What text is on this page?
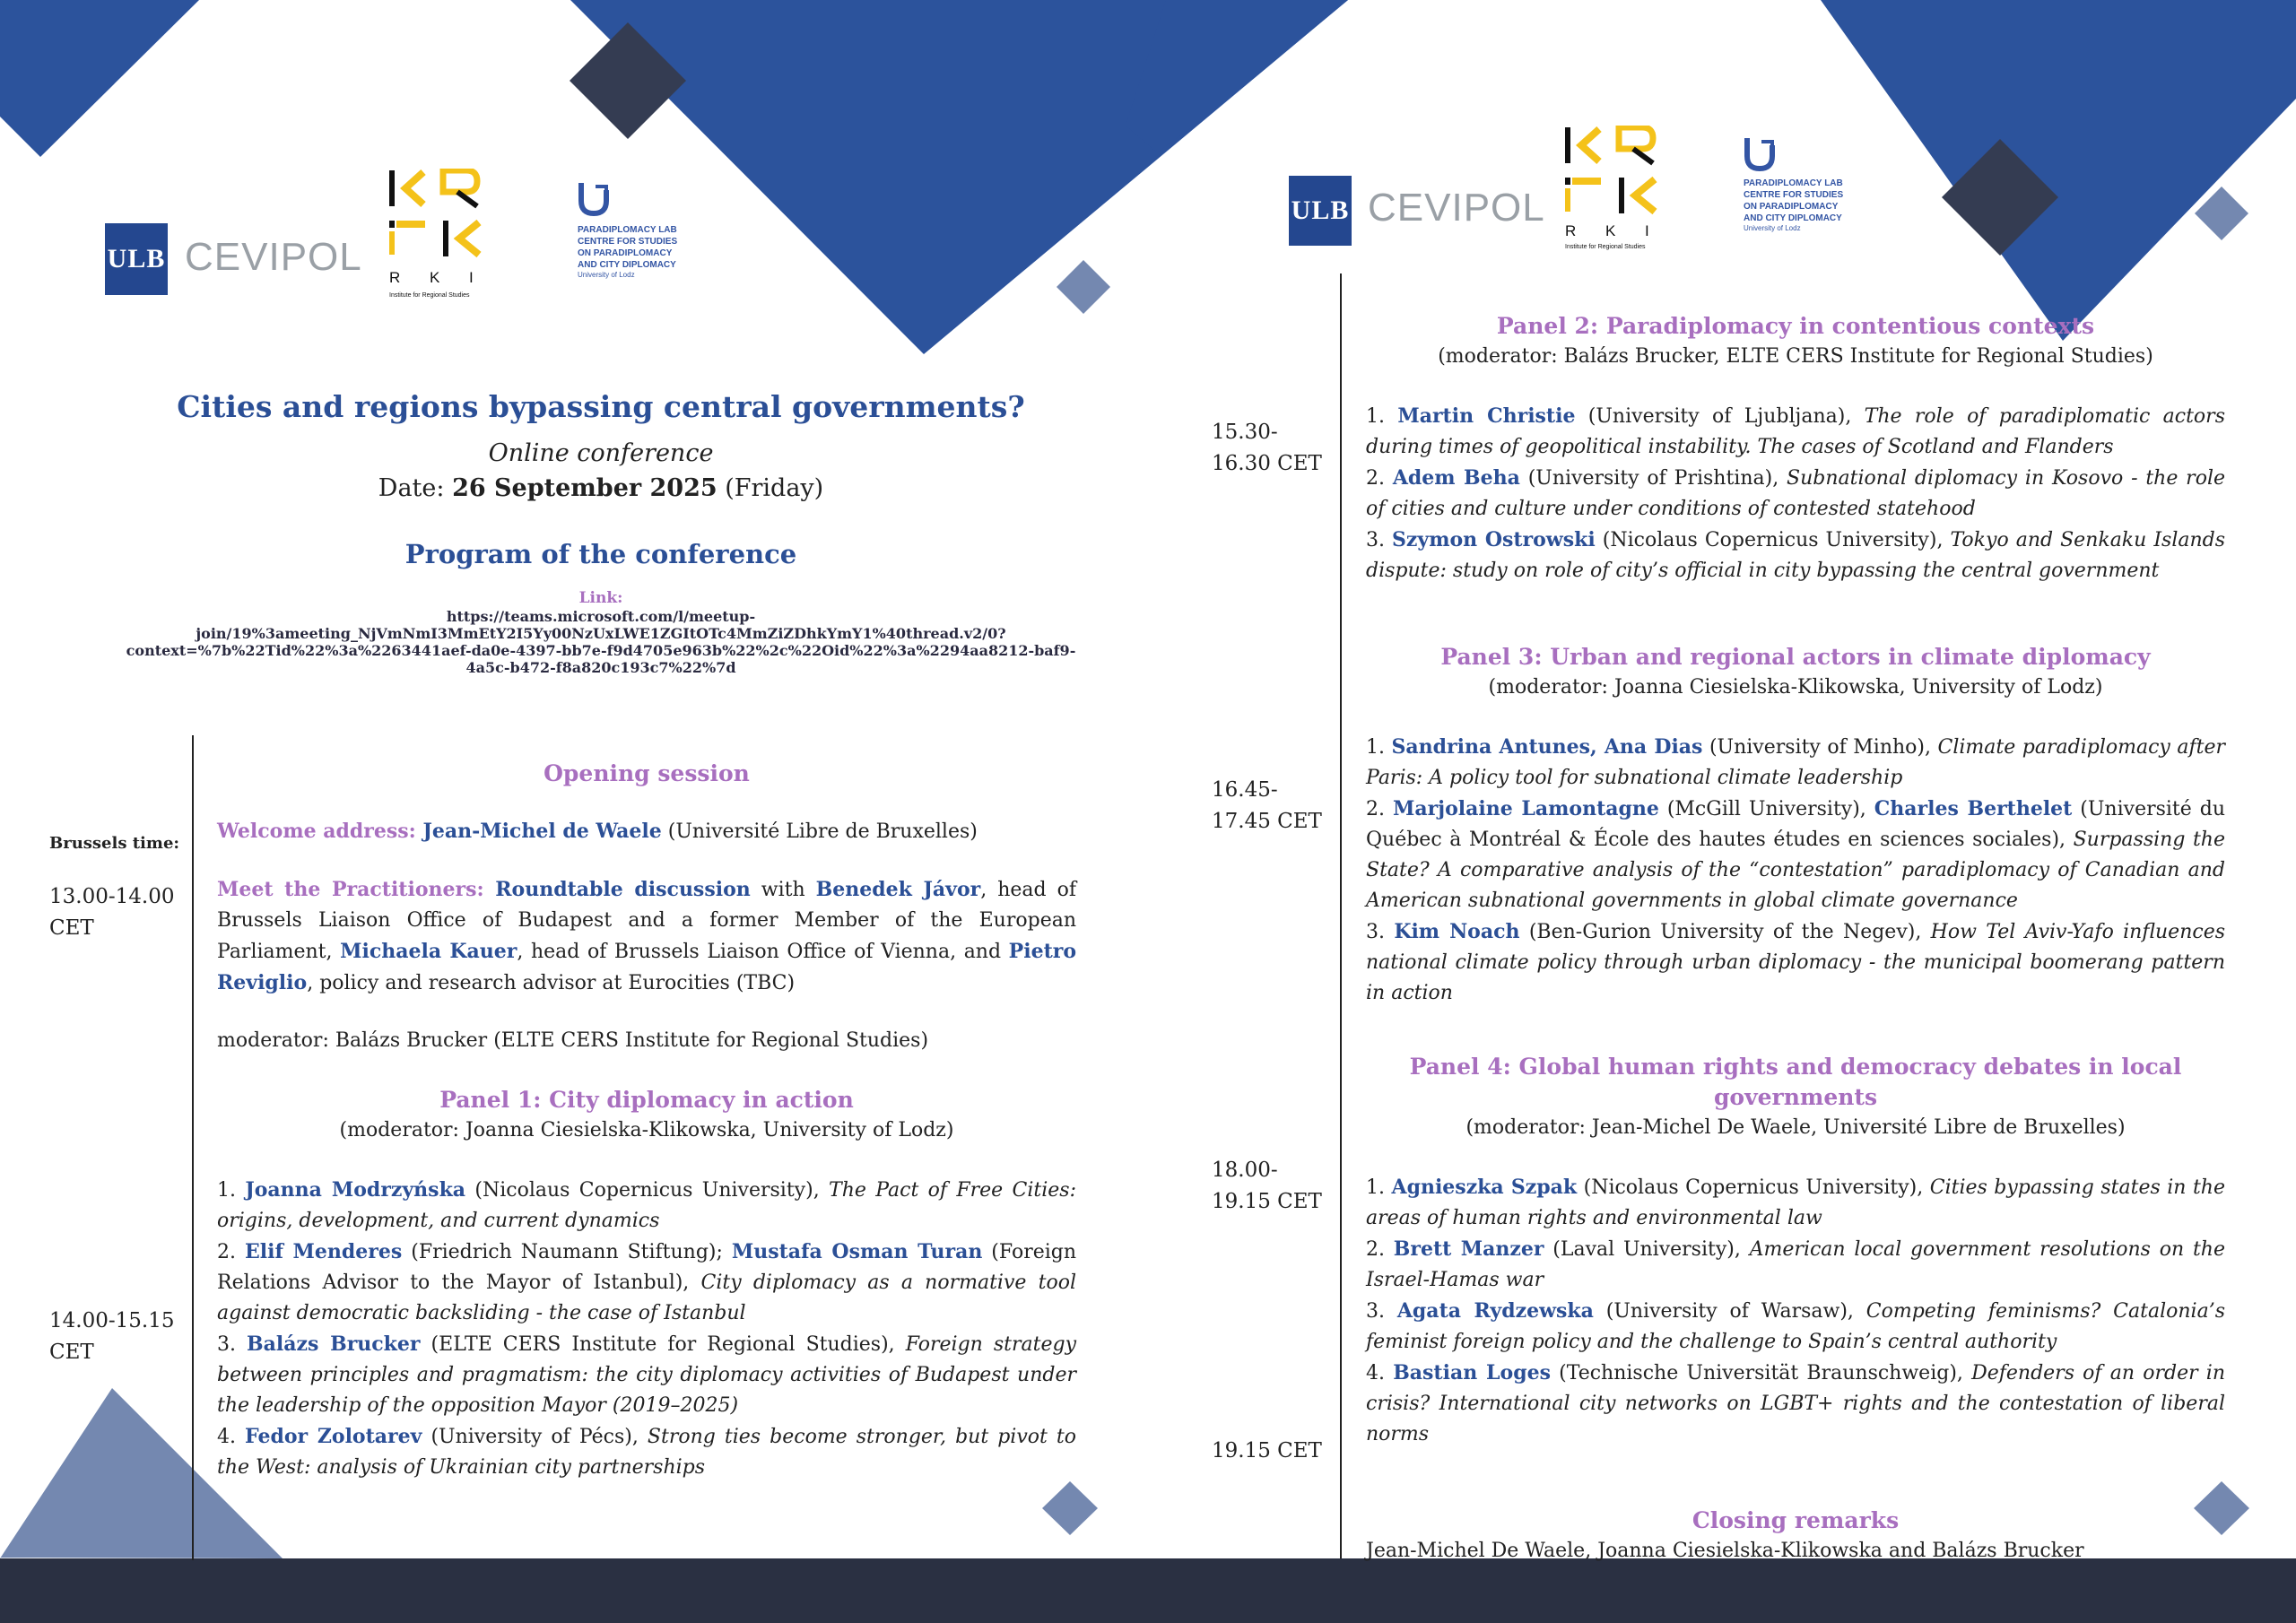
ULB CEVIPOL R K I
Institute for Regional Studies
PARADIPLOMACY LAB
CENTRE FOR STUDIES
ON PARADIPLOMACY
AND CITY DIPLOMACY
University of Lodz
ULB CEVIPOL
R K I
Institute for Regional Studies
PARADIPLOMACY LAB
CENTRE FOR STUDIES
ON PARADIPLOMACY
AND CITY DIPLOMACY
University of Lodz
Cities and regions bypassing central governments?
Online conference
Date: 26 September 2025 (Friday)
Program of the conference
Link:
https://teams.microsoft.com/l/meetup-
join/19%3ameeting_NjVmNmI3MmEtY2I5Yy00NzUxLWE1ZGItOTc4MmZiZDhkYmY1%40thread.v2/0?
context=%7b%22Tid%22%3a%2263441aef-da0e-4397-bb7e-f9d4705e963b%22%2c%22Oid%22%3a%2294aa8212-baf9-
4a5c-b472-f8a820c193c7%22%7d
Brussels time:
13.00-14.00
CET
14.00-15.15
CET
Opening session
Welcome address: Jean-Michel de Waele (Université Libre de Bruxelles)
Meet the Practitioners: Roundtable discussion with Benedek Jávor, head of Brussels Liaison Office of Budapest and a former Member of the European Parliament, Michaela Kauer, head of Brussels Liaison Office of Vienna, and Pietro Reviglio, policy and research advisor at Eurocities (TBC)
moderator: Balázs Brucker (ELTE CERS Institute for Regional Studies)
Panel 1: City diplomacy in action
(moderator: Joanna Ciesielska-Klikowska, University of Lodz)
1. Joanna Modrzyńska (Nicolaus Copernicus University), The Pact of Free Cities: origins, development, and current dynamics
2. Elif Menderes (Friedrich Naumann Stiftung); Mustafa Osman Turan (Foreign Relations Advisor to the Mayor of Istanbul), City diplomacy as a normative tool against democratic backsliding - the case of Istanbul
3. Balázs Brucker (ELTE CERS Institute for Regional Studies), Foreign strategy between principles and pragmatism: the city diplomacy activities of Budapest under the leadership of the opposition Mayor (2019–2025)
4. Fedor Zolotarev (University of Pécs), Strong ties become stronger, but pivot to the West: analysis of Ukrainian city partnerships
15.30-
16.30 CET
16.45-
17.45 CET
18.00-
19.15 CET
19.15 CET
Panel 2: Paradiplomacy in contentious contexts
(moderator: Balázs Brucker, ELTE CERS Institute for Regional Studies)
1. Martin Christie (University of Ljubljana), The role of paradiplomatic actors during times of geopolitical instability. The cases of Scotland and Flanders
2. Adem Beha (University of Prishtina), Subnational diplomacy in Kosovo - the role of cities and culture under conditions of contested statehood
3. Szymon Ostrowski (Nicolaus Copernicus University), Tokyo and Senkaku Islands dispute: study on role of city’s official in city bypassing the central government
Panel 3: Urban and regional actors in climate diplomacy
(moderator: Joanna Ciesielska-Klikowska, University of Lodz)
1. Sandrina Antunes, Ana Dias (University of Minho), Climate paradiplomacy after Paris: A policy tool for subnational climate leadership
2. Marjolaine Lamontagne (McGill University), Charles Berthelet (Université du Québec à Montréal & École des hautes études en sciences sociales), Surpassing the State? A comparative analysis of the “contestation” paradiplomacy of Canadian and American subnational governments in global climate governance
3. Kim Noach (Ben-Gurion University of the Negev), How Tel Aviv-Yafo influences national climate policy through urban diplomacy - the municipal boomerang pattern in action
Panel 4: Global human rights and democracy debates in local governments
(moderator: Jean-Michel De Waele, Université Libre de Bruxelles)
1. Agnieszka Szpak (Nicolaus Copernicus University), Cities bypassing states in the areas of human rights and environmental law
2. Brett Manzer (Laval University), American local government resolutions on the Israel-Hamas war
3. Agata Rydzewska (University of Warsaw), Competing feminisms? Catalonia’s feminist foreign policy and the challenge to Spain’s central authority
4. Bastian Loges (Technische Universität Braunschweig), Defenders of an order in crisis? International city networks on LGBT+ rights and the contestation of liberal norms
Closing remarks
Jean-Michel De Waele, Joanna Ciesielska-Klikowska and Balázs Brucker
